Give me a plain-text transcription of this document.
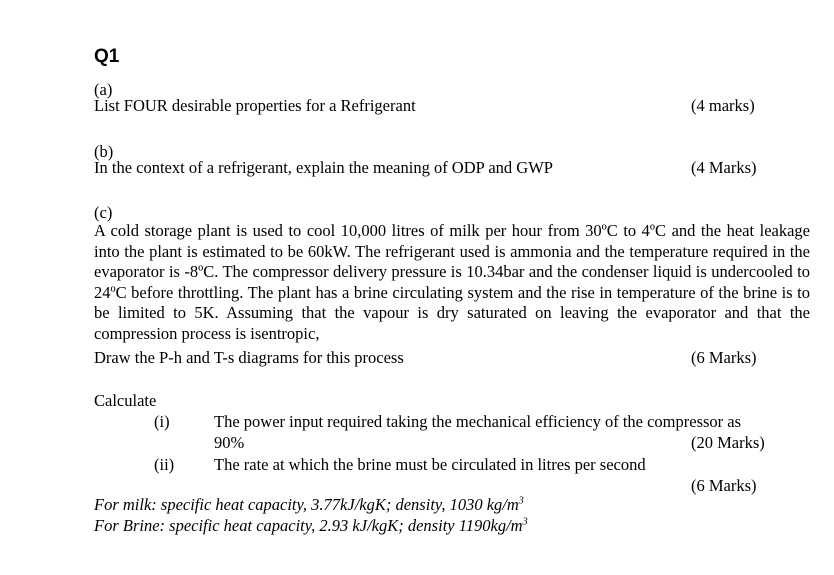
Q1
(a)
List FOUR desirable properties for a Refrigerant	(4 marks)
(b)
In the context of a refrigerant, explain the meaning of ODP and GWP	(4 Marks)
(c)
A cold storage plant is used to cool 10,000 litres of milk per hour from 30ºC to 4ºC and the heat leakage into the plant is estimated to be 60kW. The refrigerant used is ammonia and the temperature required in the evaporator is -8ºC. The compressor delivery pressure is 10.34bar and the condenser liquid is undercooled to 24ºC before throttling. The plant has a brine circulating system and the rise in temperature of the brine is to be limited to 5K. Assuming that the vapour is dry saturated on leaving the evaporator and that the compression process is isentropic,
Draw the P-h and T-s diagrams for this process	(6 Marks)
Calculate
(i)	The power input required taking the mechanical efficiency of the compressor as
90%	(20 Marks)
(ii) The rate at which the brine must be circulated in litres per second
(6 Marks)
For milk: specific heat capacity, 3.77kJ/kgK; density, 1030 $kg/m^3$
For Brine: specific heat capacity, 2.93 kJ/kgK; density $1190kg/m^3$
